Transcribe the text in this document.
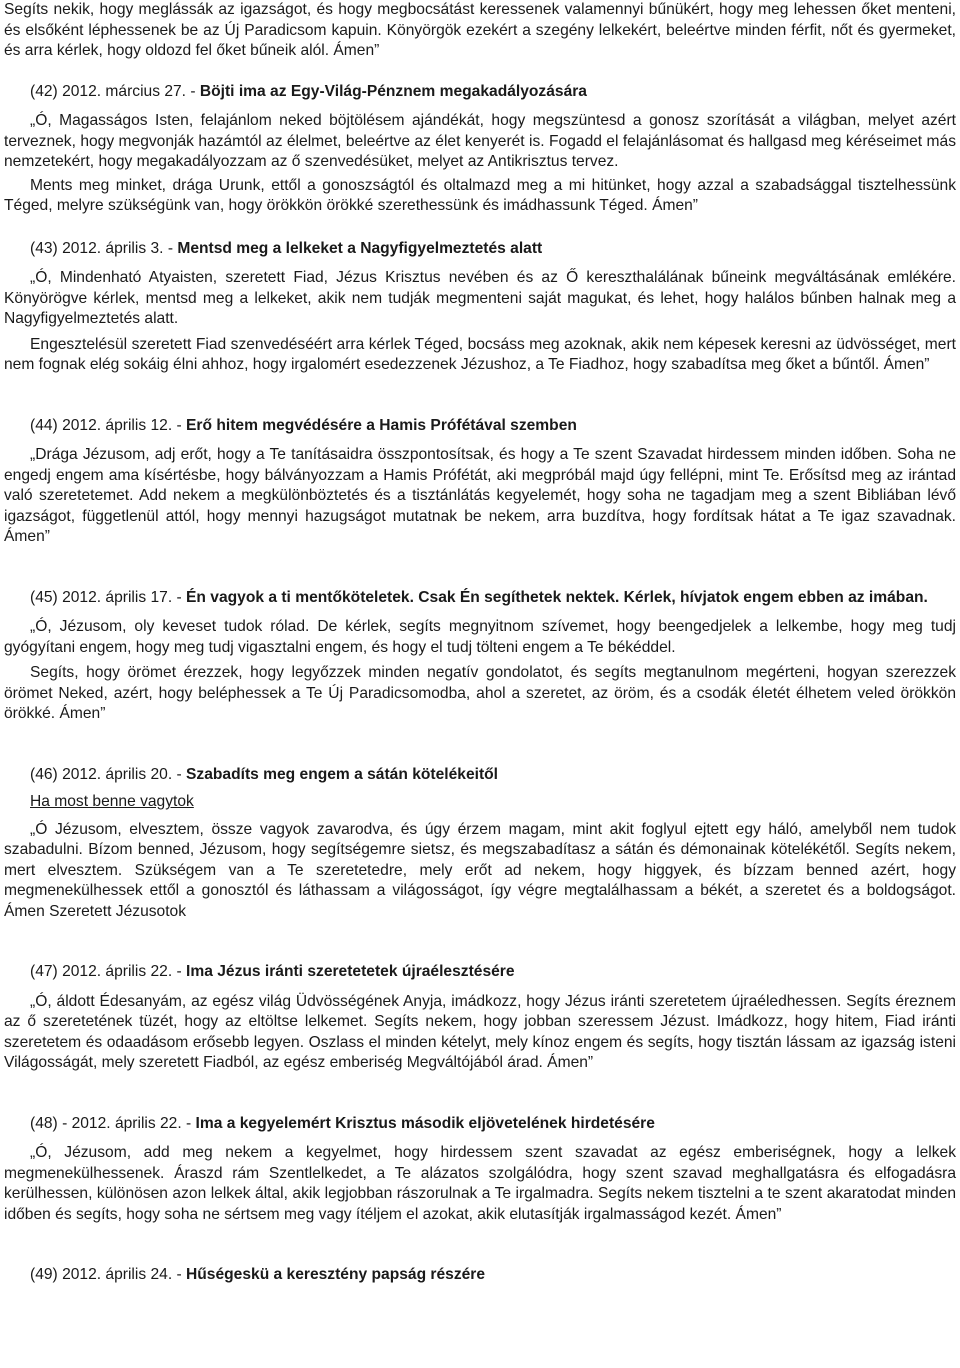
Segíts nekik, hogy meglássák az igazságot, és hogy megbocsátást keressenek valamennyi bűnükért, hogy meg lehessen őket menteni, és elsőként léphessenek be az Új Paradicsom kapuin. Könyörgök ezekért a szegény lelkekért, beleértve minden férfit, nőt és gyermeket, és arra kérlek, hogy oldozd fel őket bűneik alól. Ámen”

(42) 2012. március 27. - Böjti ima az Egy-Világ-Pénznem megakadályozására

„Ó, Magasságos Isten, felajánlom neked böjtölésem ajándékát, hogy megszüntesd a gonosz szorítását a világban, melyet azért terveznek, hogy megvonják hazámtól az élelmet, beleértve az élet kenyerét is. Fogadd el felajánlásomat és hallgasd meg kéréseimet más nemzetekért, hogy megakadályozzam az ő szenvedésüket, melyet az Antikrisztus tervez.

Ments meg minket, drága Urunk, ettől a gonoszságtól és oltalmazd meg a mi hitünket, hogy azzal a szabadsággal tisztelhessünk Téged, melyre szükségünk van, hogy örökkön örökké szerethessünk és imádhassunk Téged. Ámen”

(43) 2012. április 3. - Mentsd meg a lelkeket a Nagyfigyelmeztetés alatt

„Ó, Mindenható Atyaisten, szeretett Fiad, Jézus Krisztus nevében és az Ő kereszthalálának bűneink megváltásának emlékére. Könyörögve kérlek, mentsd meg a lelkeket, akik nem tudják megmenteni saját magukat, és lehet, hogy halálos bűnben halnak meg a Nagyfigyelmeztetés alatt.

Engesztelésül szeretett Fiad szenvedéséért arra kérlek Téged, bocsáss meg azoknak, akik nem képesek keresni az üdvösséget, mert nem fognak elég sokáig élni ahhoz, hogy irgalomért esedezzenek Jézushoz, a Te Fiadhoz, hogy szabadítsa meg őket a bűntől. Ámen”

(44) 2012. április 12. - Erő hitem megvédésére a Hamis Prófétával szemben

„Drága Jézusom, adj erőt, hogy a Te tanításaidra összpontosítsak, és hogy a Te szent Szavadat hirdessem minden időben. Soha ne engedj engem ama kísértésbe, hogy bálványozzam a Hamis Prófétát, aki megpróbál majd úgy fellépni, mint Te. Erősítsd meg az irántad való szeretetemet. Add nekem a megkülönböztetés és a tisztánlátás kegyelemét, hogy soha ne tagadjam meg a szent Bibliában lévő igazságot, függetlenül attól, hogy mennyi hazugságot mutatnak be nekem, arra buzdítva, hogy fordítsak hátat a Te igaz szavadnak. Ámen”

(45) 2012. április 17. - Én vagyok a ti mentőköteletek. Csak Én segíthetek nektek. Kérlek, hívjatok engem ebben az imában.

„Ó, Jézusom, oly keveset tudok rólad. De kérlek, segíts megnyitnom szívemet, hogy beengedjelek a lelkembe, hogy meg tudj gyógyítani engem, hogy meg tudj vigasztalni engem, és hogy el tudj tölteni engem a Te békéddel.

Segíts, hogy örömet érezzek, hogy legyőzzek minden negatív gondolatot, és segíts megtanulnom megérteni, hogyan szerezzek örömet Neked, azért, hogy beléphessek a Te Új Paradicsomodba, ahol a szeretet, az öröm, és a csodák életét élhetem veled örökkön örökké. Ámen”

(46) 2012. április 20. - Szabadíts meg engem a sátán kötelékeitől
Ha most benne vagytok

„Ó Jézusom, elvesztem, össze vagyok zavarodva, és úgy érzem magam, mint akit foglyul ejtett egy háló, amelyből nem tudok szabadulni. Bízom benned, Jézusom, hogy segítségemre sietsz, és megszabadítasz a sátán és démonainak kötelékétől. Segíts nekem, mert elvesztem. Szükségem van a Te szeretetedre, mely erőt ad nekem, hogy higgyek, és bízzam benned azért, hogy megmenekülhessek ettől a gonosztól és láthassam a világosságot, így végre megtalálhassam a békét, a szeretet és a boldogságot. Ámen Szeretett Jézusotok

(47) 2012. április 22. - Ima Jézus iránti szeretetetek újraélesztésére

„Ó, áldott Édesanyám, az egész világ Üdvösségének Anyja, imádkozz, hogy Jézus iránti szeretetem újraéledhessen. Segíts éreznem az ő szeretetének tüzét, hogy az eltöltse lelkemet. Segíts nekem, hogy jobban szeressem Jézust. Imádkozz, hogy hitem, Fiad iránti szeretetem és odaadásom erősebb legyen. Oszlass el minden kételyt, mely kínoz engem és segíts, hogy tisztán lássam az igazság isteni Világosságát, mely szeretett Fiadból, az egész emberiség Megváltójából árad. Ámen”

(48) - 2012. április 22. - Ima a kegyelemért Krisztus második eljövetelének hirdetésére

„Ó, Jézusom, add meg nekem a kegyelmet, hogy hirdessem szent szavadat az egész emberiségnek, hogy a lelkek megmenekülhessenek. Áraszd rám Szentlelkedet, a Te alázatos szolgálódra, hogy szent szavad meghallgatásra és elfogadásra kerülhessen, különösen azon lelkek által, akik legjobban rászorulnak a Te irgalmadra. Segíts nekem tisztelni a te szent akaratodat minden időben és segíts, hogy soha ne sértsem meg vagy ítéljem el azokat, akik elutasítják irgalmasságod kezét. Ámen”

(49) 2012. április 24. - Hűségeskü a keresztény papság részére
